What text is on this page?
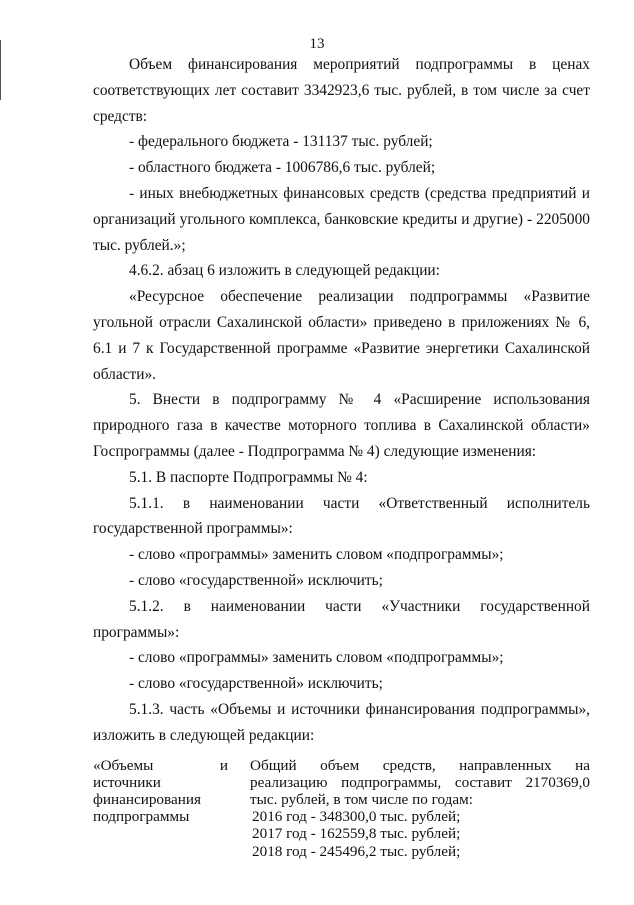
13

Объем финансирования мероприятий подпрограммы в ценах соответствующих лет составит 3342923,6 тыс. рублей, в том числе за счет средств:

- федерального бюджета - 131137 тыс. рублей;

- областного бюджета - 1006786,6 тыс. рублей;

- иных внебюджетных финансовых средств (средства предприятий и организаций угольного комплекса, банковские кредиты и другие) - 2205000 тыс. рублей.»;

4.6.2. абзац 6 изложить в следующей редакции:

«Ресурсное обеспечение реализации подпрограммы «Развитие угольной отрасли Сахалинской области» приведено в приложениях № 6, 6.1 и 7 к Государственной программе «Развитие энергетики Сахалинской области».

5. Внести в подпрограмму № 4 «Расширение использования природного газа в качестве моторного топлива в Сахалинской области» Госпрограммы (далее - Подпрограмма № 4) следующие изменения:

5.1. В паспорте Подпрограммы № 4:

5.1.1. в наименовании части «Ответственный исполнитель государственной программы»:

- слово «программы» заменить словом «подпрограммы»;

- слово «государственной» исключить;

5.1.2. в наименовании части «Участники государственной программы»:

- слово «программы» заменить словом «подпрограммы»;

- слово «государственной» исключить;

5.1.3. часть «Объемы и источники финансирования подпрограммы», изложить в следующей редакции:

«Объемы
источники
финансирования
подпрограммы
и Общий объем средств, направленных на реализацию подпрограммы, составит 2170369,0 тыс. рублей, в том числе по годам:
2016 год - 348300,0 тыс. рублей;
2017 год - 162559,8 тыс. рублей;
2018 год - 245496,2 тыс. рублей;
